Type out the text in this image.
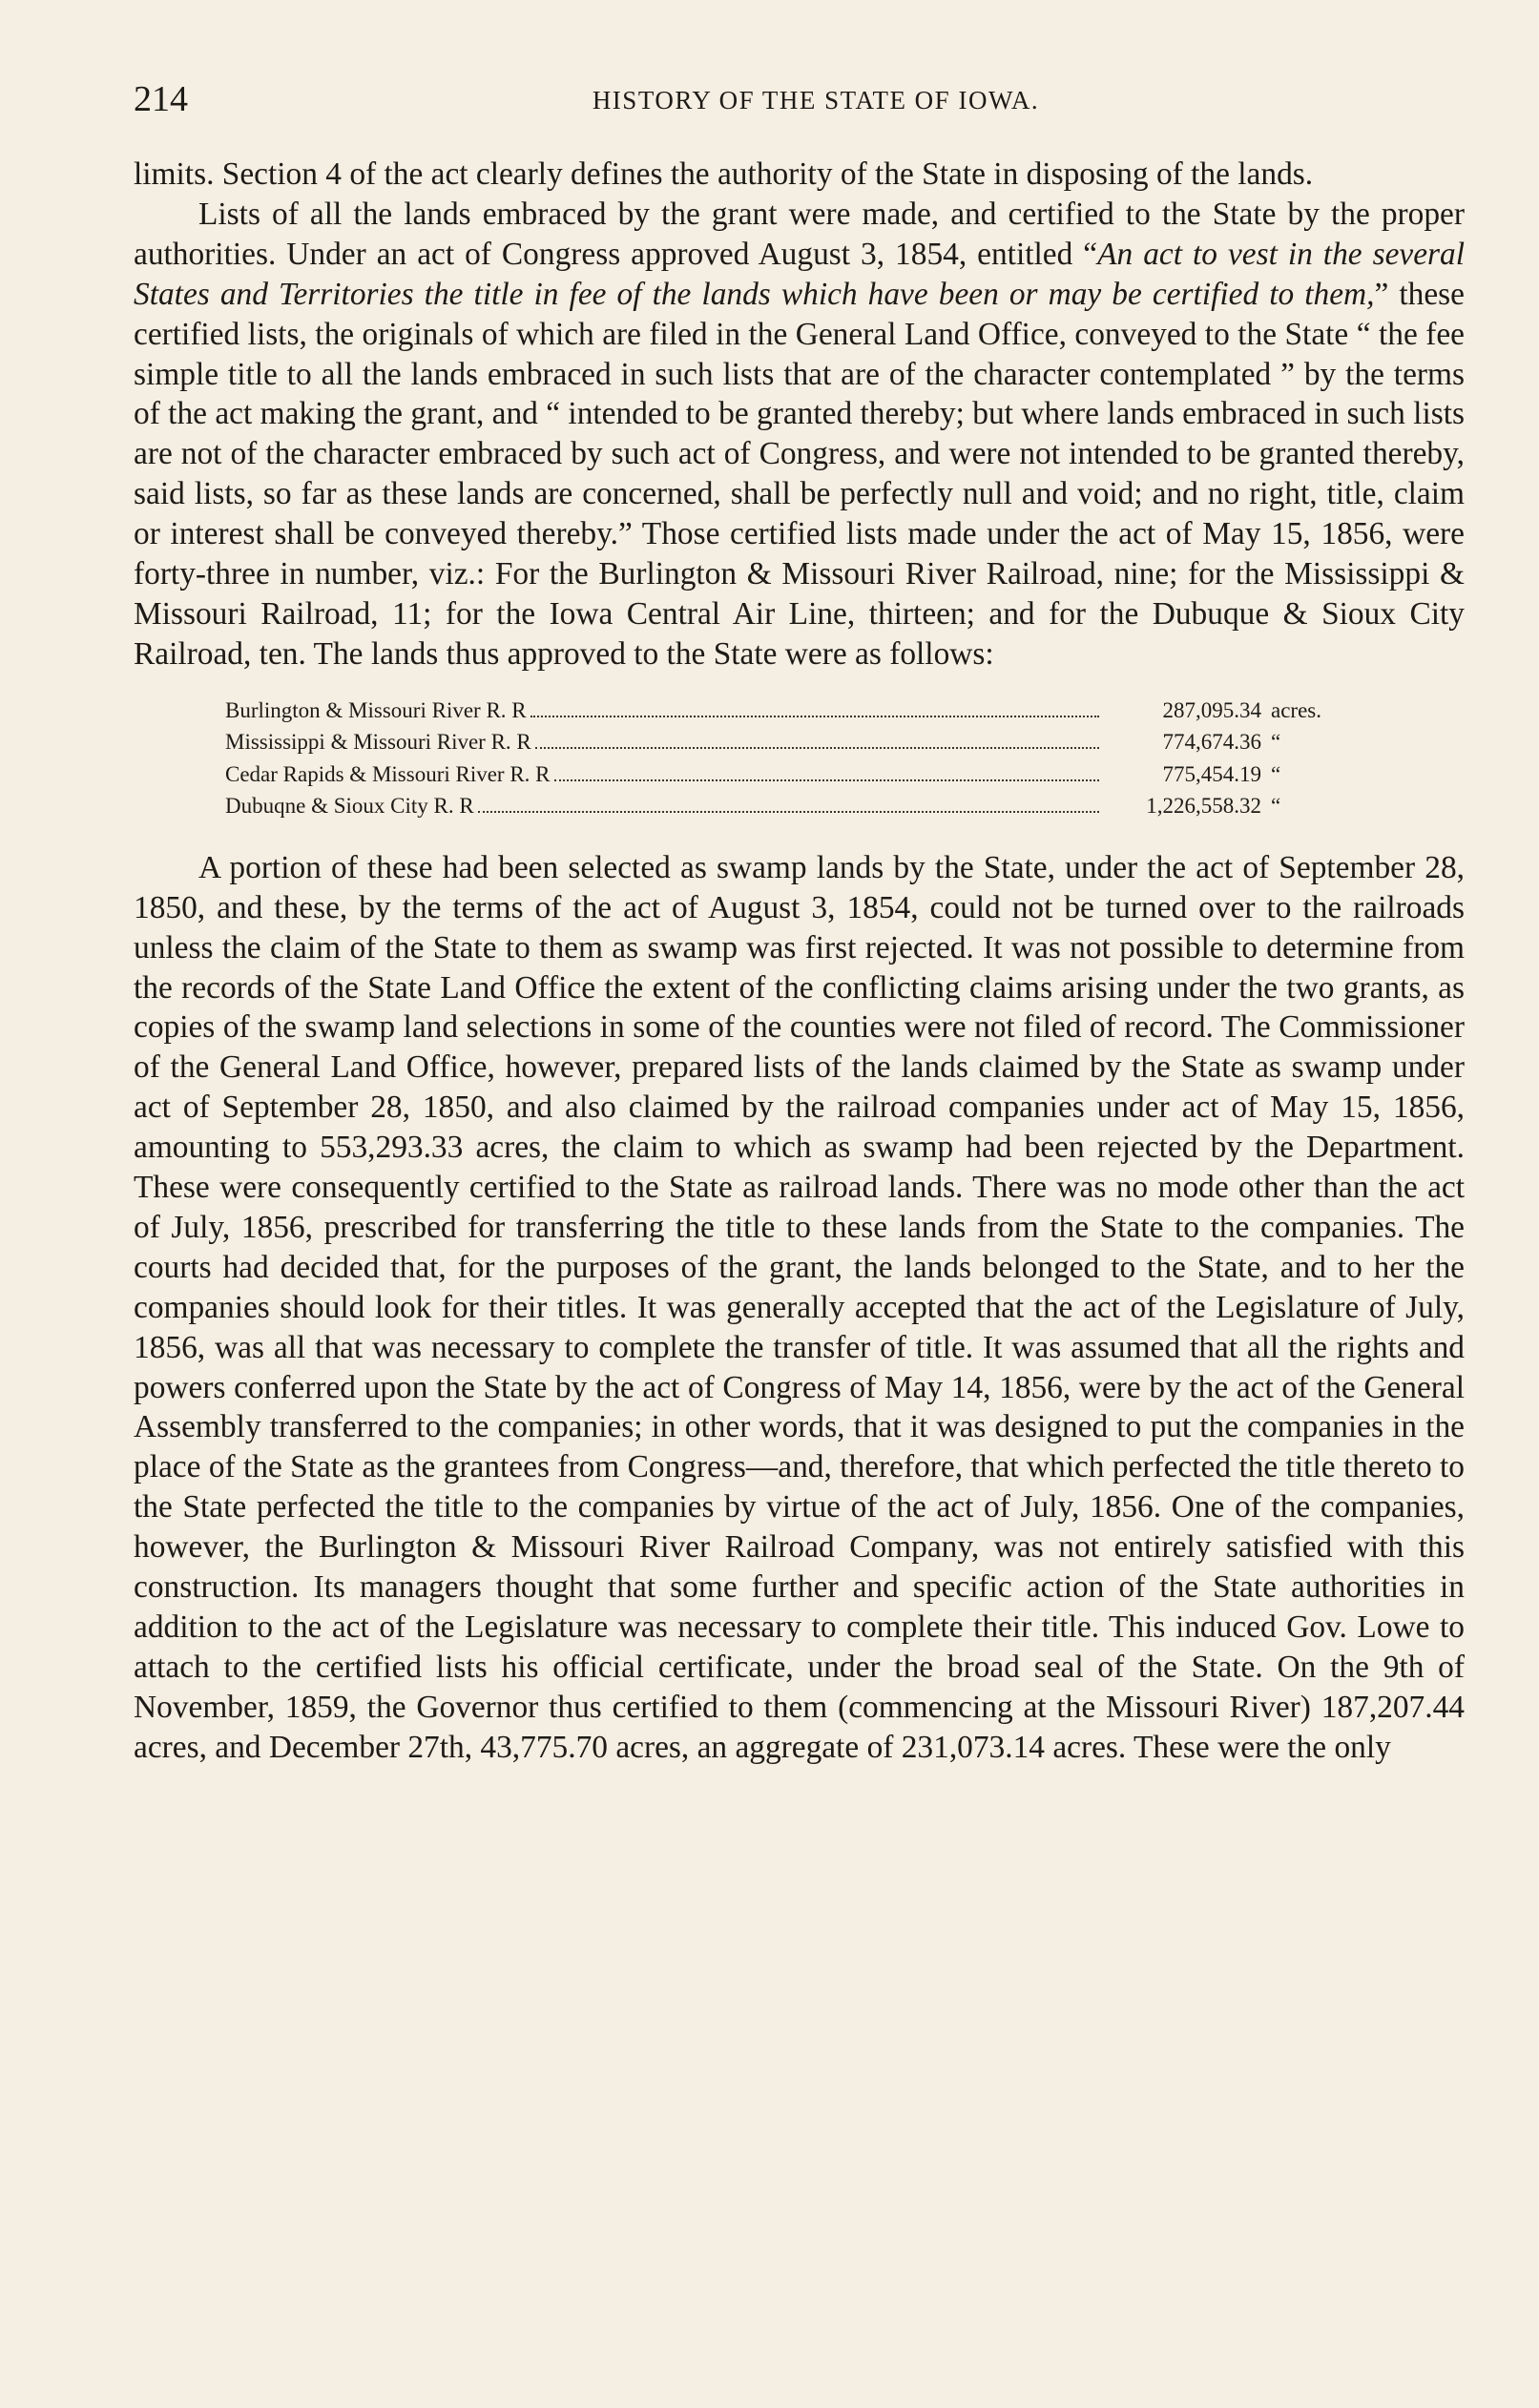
214	HISTORY OF THE STATE OF IOWA.

limits. Section 4 of the act clearly defines the authority of the State in disposing of the lands.

Lists of all the lands embraced by the grant were made, and certified to the State by the proper authorities. Under an act of Congress approved August 3, 1854, entitled “An act to vest in the several States and Territories the title in fee of the lands which have been or may be certified to them,” these certified lists, the originals of which are filed in the General Land Office, conveyed to the State “ the fee simple title to all the lands embraced in such lists that are of the character contemplated ” by the terms of the act making the grant, and “ intended to be granted thereby; but where lands embraced in such lists are not of the character embraced by such act of Congress, and were not intended to be granted thereby, said lists, so far as these lands are concerned, shall be perfectly null and void; and no right, title, claim or interest shall be conveyed thereby.” Those certified lists made under the act of May 15, 1856, were forty-three in number, viz.: For the Burlington & Missouri River Railroad, nine; for the Mississippi & Missouri Railroad, 11; for the Iowa Central Air Line, thirteen; and for the Dubuque & Sioux City Railroad, ten. The lands thus approved to the State were as follows:

Burlington & Missouri River R. R	287,095.34 acres.
Mississippi & Missouri River R. R	774,674.36 “
Cedar Rapids & Missouri River R. R	775,454.19 “
Dubuqne & Sioux City R. R	1,226,558.32 “

A portion of these had been selected as swamp lands by the State, under the act of September 28, 1850, and these, by the terms of the act of August 3, 1854, could not be turned over to the railroads unless the claim of the State to them as swamp was first rejected. It was not possible to determine from the records of the State Land Office the extent of the conflicting claims arising under the two grants, as copies of the swamp land selections in some of the counties were not filed of record. The Commissioner of the General Land Office, however, prepared lists of the lands claimed by the State as swamp under act of September 28, 1850, and also claimed by the railroad companies under act of May 15, 1856, amounting to 553,293.33 acres, the claim to which as swamp had been rejected by the Department. These were consequently certified to the State as railroad lands. There was no mode other than the act of July, 1856, prescribed for transferring the title to these lands from the State to the companies. The courts had decided that, for the purposes of the grant, the lands belonged to the State, and to her the companies should look for their titles. It was generally accepted that the act of the Legislature of July, 1856, was all that was necessary to complete the transfer of title. It was assumed that all the rights and powers conferred upon the State by the act of Congress of May 14, 1856, were by the act of the General Assembly transferred to the companies; in other words, that it was designed to put the companies in the place of the State as the grantees from Congress—and, therefore, that which perfected the title thereto to the State perfected the title to the companies by virtue of the act of July, 1856. One of the companies, however, the Burlington & Missouri River Railroad Company, was not entirely satisfied with this construction. Its managers thought that some further and specific action of the State authorities in addition to the act of the Legislature was necessary to complete their title. This induced Gov. Lowe to attach to the certified lists his official certificate, under the broad seal of the State. On the 9th of November, 1859, the Governor thus certified to them (commencing at the Missouri River) 187,207.44 acres, and December 27th, 43,775.70 acres, an aggregate of 231,073.14 acres. These were the only
